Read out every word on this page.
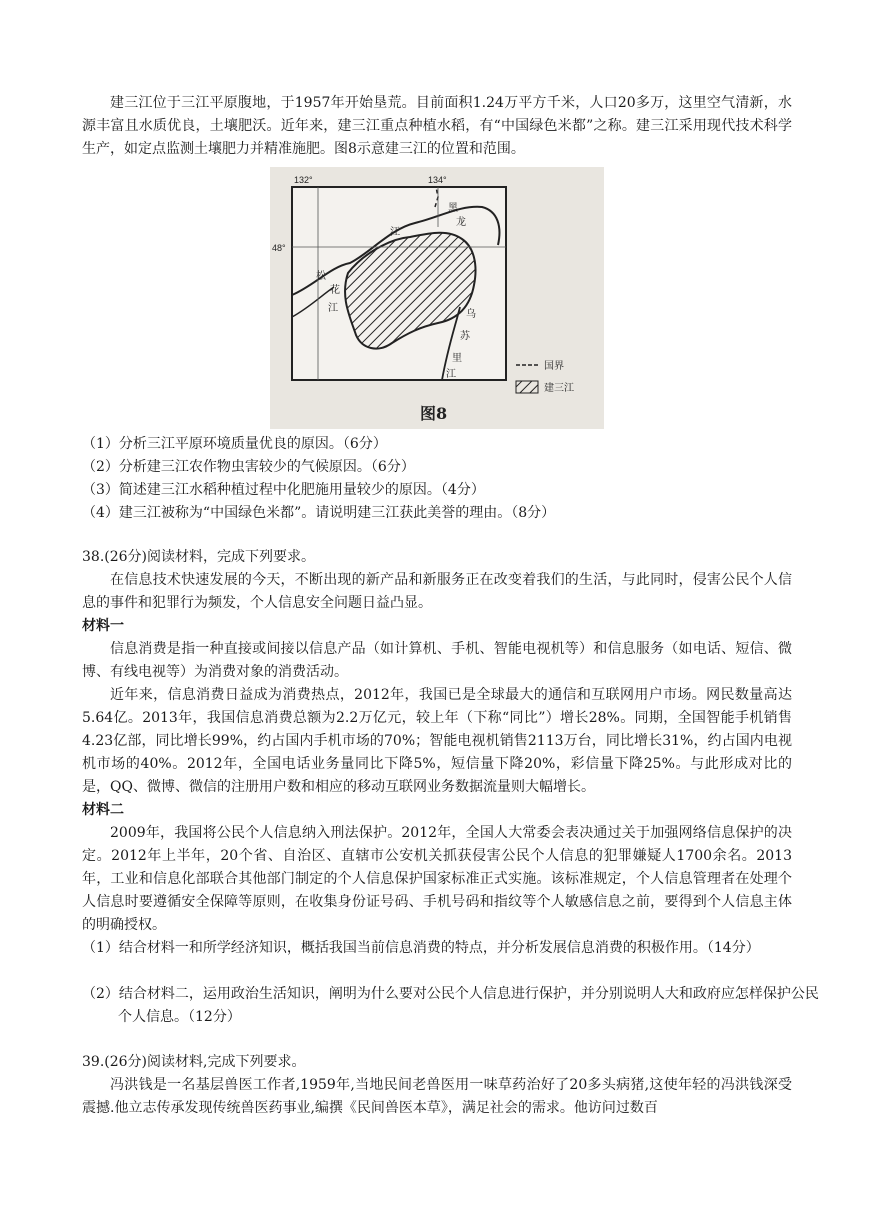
建三江位于三江平原腹地，于1957年开始垦荒。目前面积1.24万平方千米，人口20多万，这里空气清新，水源丰富且水质优良，土壤肥沃。近年来，建三江重点种植水稻，有“中国绿色米都”之称。建三江采用现代技术科学生产，如定点监测土壤肥力并精准施肥。图8示意建三江的位置和范围。

132°	134°
48°
黑
龙
江
松
花
江
乌
苏
里
江
国界
建三江
图8

（1）分析三江平原环境质量优良的原因。（6分）

（2）分析建三江农作物虫害较少的气候原因。（6分）

（3）简述建三江水稻种植过程中化肥施用量较少的原因。（4分）

（4）建三江被称为“中国绿色米都”。请说明建三江获此美誉的理由。（8分）

38.(26分)阅读材料，完成下列要求。

在信息技术快速发展的今天，不断出现的新产品和新服务正在改变着我们的生活，与此同时，侵害公民个人信息的事件和犯罪行为频发，个人信息安全问题日益凸显。

材料一

信息消费是指一种直接或间接以信息产品（如计算机、手机、智能电视机等）和信息服务（如电话、短信、微博、有线电视等）为消费对象的消费活动。

近年来，信息消费日益成为消费热点，2012年，我国已是全球最大的通信和互联网用户市场。网民数量高达5.64亿。2013年，我国信息消费总额为2.2万亿元，较上年（下称“同比”）增长28%。同期，全国智能手机销售4.23亿部，同比增长99%，约占国内手机市场的70%；智能电视机销售2113万台，同比增长31%，约占国内电视机市场的40%。2012年，全国电话业务量同比下降5%，短信量下降20%，彩信量下降25%。与此形成对比的是，QQ、微博、微信的注册用户数和相应的移动互联网业务数据流量则大幅增长。

材料二

2009年，我国将公民个人信息纳入刑法保护。2012年，全国人大常委会表决通过关于加强网络信息保护的决定。2012年上半年，20个省、自治区、直辖市公安机关抓获侵害公民个人信息的犯罪嫌疑人1700余名。2013年，工业和信息化部联合其他部门制定的个人信息保护国家标准正式实施。该标准规定，个人信息管理者在处理个人信息时要遵循安全保障等原则，在收集身份证号码、手机号码和指纹等个人敏感信息之前，要得到个人信息主体的明确授权。

（1）结合材料一和所学经济知识，概括我国当前信息消费的特点，并分析发展信息消费的积极作用。（14分）

（2）结合材料二，运用政治生活知识，阐明为什么要对公民个人信息进行保护，并分别说明人大和政府应怎样保护公民个人信息。（12分）

39.(26分)阅读材料,完成下列要求。

冯洪钱是一名基层兽医工作者,1959年,当地民间老兽医用一味草药治好了20多头病猪,这使年轻的冯洪钱深受震撼.他立志传承发现传统兽医药事业,编撰《民间兽医本草》，满足社会的需求。他访问过数百
